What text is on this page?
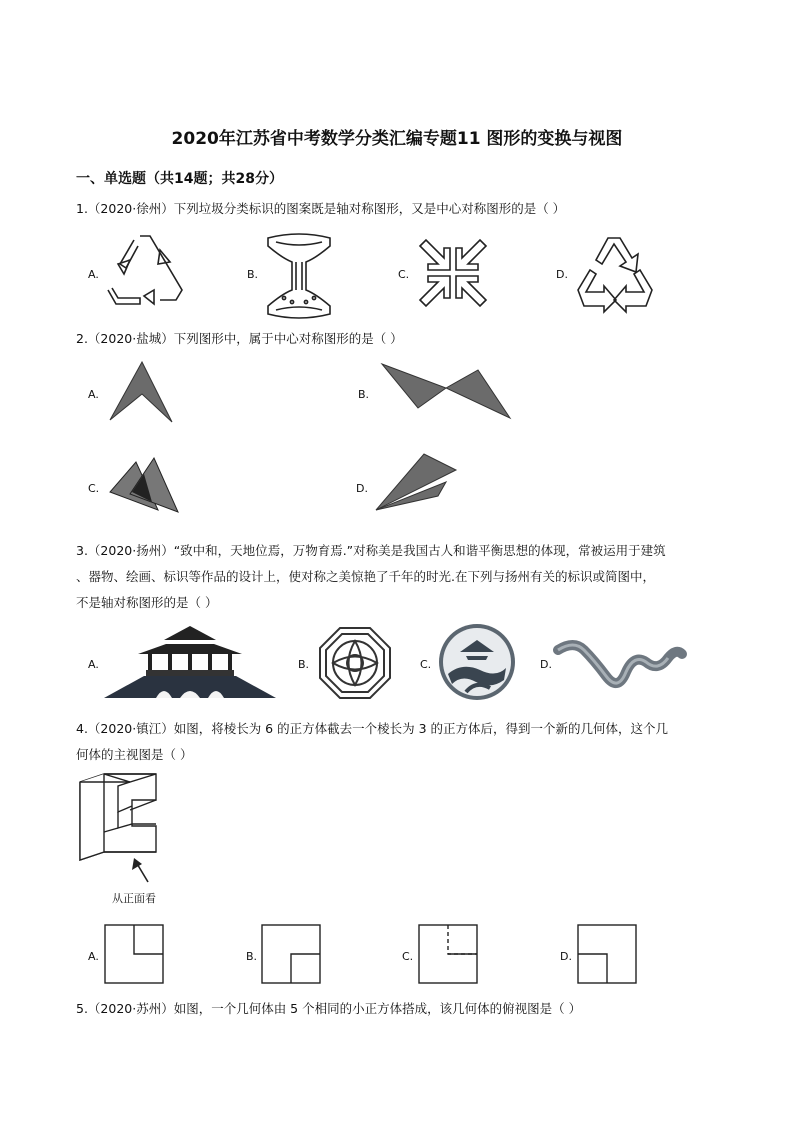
2020年江苏省中考数学分类汇编专题11 图形的变换与视图
一、单选题（共14题；共28分）
1.（2020·徐州）下列垃圾分类标识的图案既是轴对称图形，又是中心对称图形的是（ ）
A.	B.	C.	D.
2.（2020·盐城）下列图形中，属于中心对称图形的是（ ）
A.	B.
C.	D.
3.（2020·扬州）“致中和，天地位焉，万物育焉.”对称美是我国古人和谐平衡思想的体现，常被运用于建筑
、器物、绘画、标识等作品的设计上，使对称之美惊艳了千年的时光.在下列与扬州有关的标识或简图中，
不是轴对称图形的是（ ）
A.	B.	C.	D.
4.（2020·镇江）如图，将棱长为 6 的正方体截去一个棱长为 3 的正方体后，得到一个新的几何体，这个几
何体的主视图是（ ）
从正面看
A.	B.	C.	D.
5.（2020·苏州）如图，一个几何体由 5 个相同的小正方体搭成，该几何体的俯视图是（ ）
